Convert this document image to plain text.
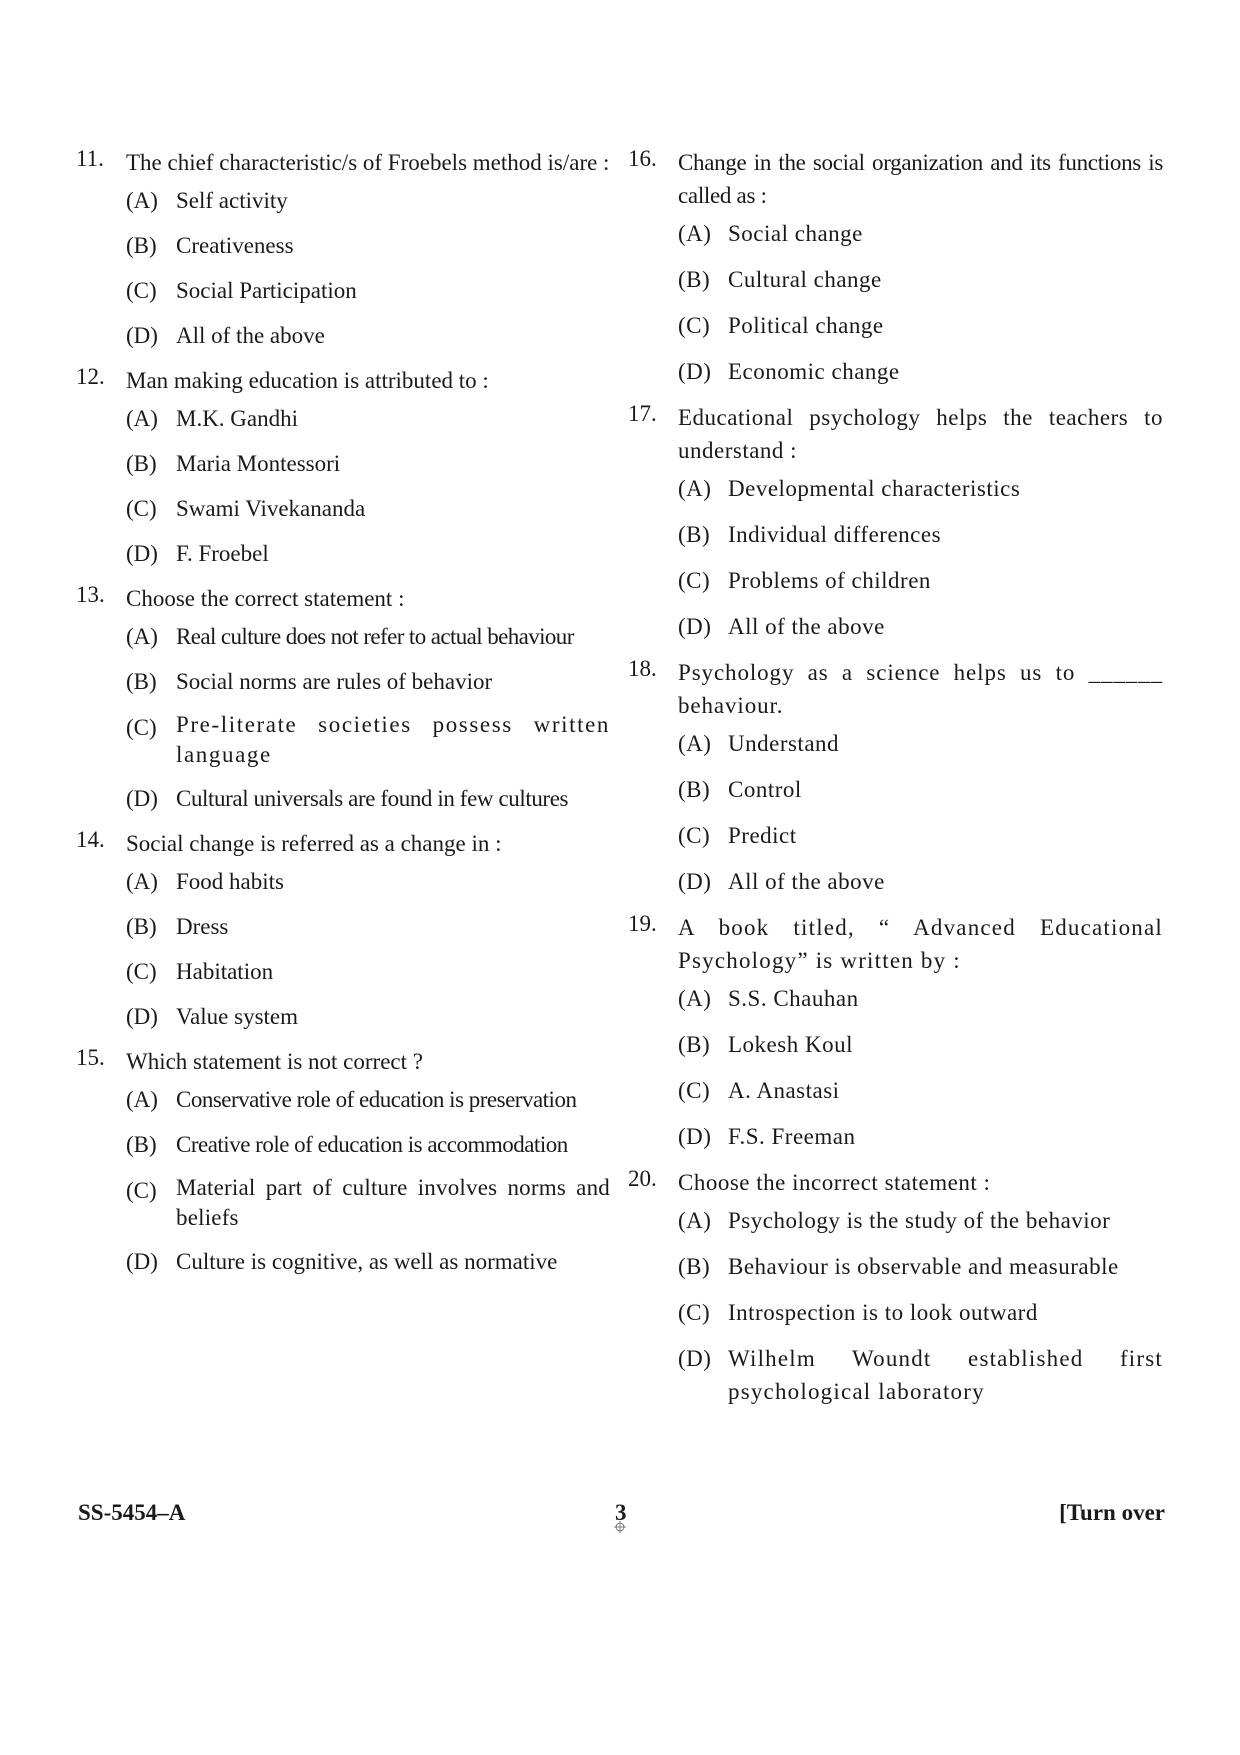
11. The chief characteristic/s of Froebels method is/are :
(A) Self activity
(B) Creativeness
(C) Social Participation
(D) All of the above
12. Man making education is attributed to :
(A) M.K. Gandhi
(B) Maria Montessori
(C) Swami Vivekananda
(D) F. Froebel
13. Choose the correct statement :
(A) Real culture does not refer to actual behaviour
(B) Social norms are rules of behavior
(C) Pre-literate societies possess written language
(D) Cultural universals are found in few cultures
14. Social change is referred as a change in :
(A) Food habits
(B) Dress
(C) Habitation
(D) Value system
15. Which statement is not correct ?
(A) Conservative role of education is preservation
(B) Creative role of education is accommodation
(C) Material part of culture involves norms and beliefs
(D) Culture is cognitive, as well as normative
16. Change in the social organization and its functions is called as :
(A) Social change
(B) Cultural change
(C) Political change
(D) Economic change
17. Educational psychology helps the teachers to understand :
(A) Developmental characteristics
(B) Individual differences
(C) Problems of children
(D) All of the above
18. Psychology as a science helps us to ______ behaviour.
(A) Understand
(B) Control
(C) Predict
(D) All of the above
19. A book titled, “ Advanced Educational Psychology” is written by :
(A) S.S. Chauhan
(B) Lokesh Koul
(C) A. Anastasi
(D) F.S. Freeman
20. Choose the incorrect statement :
(A) Psychology is the study of the behavior
(B) Behaviour is observable and measurable
(C) Introspection is to look outward
(D) Wilhelm Woundt established first psychological laboratory
SS-5454–A	3	[Turn over
